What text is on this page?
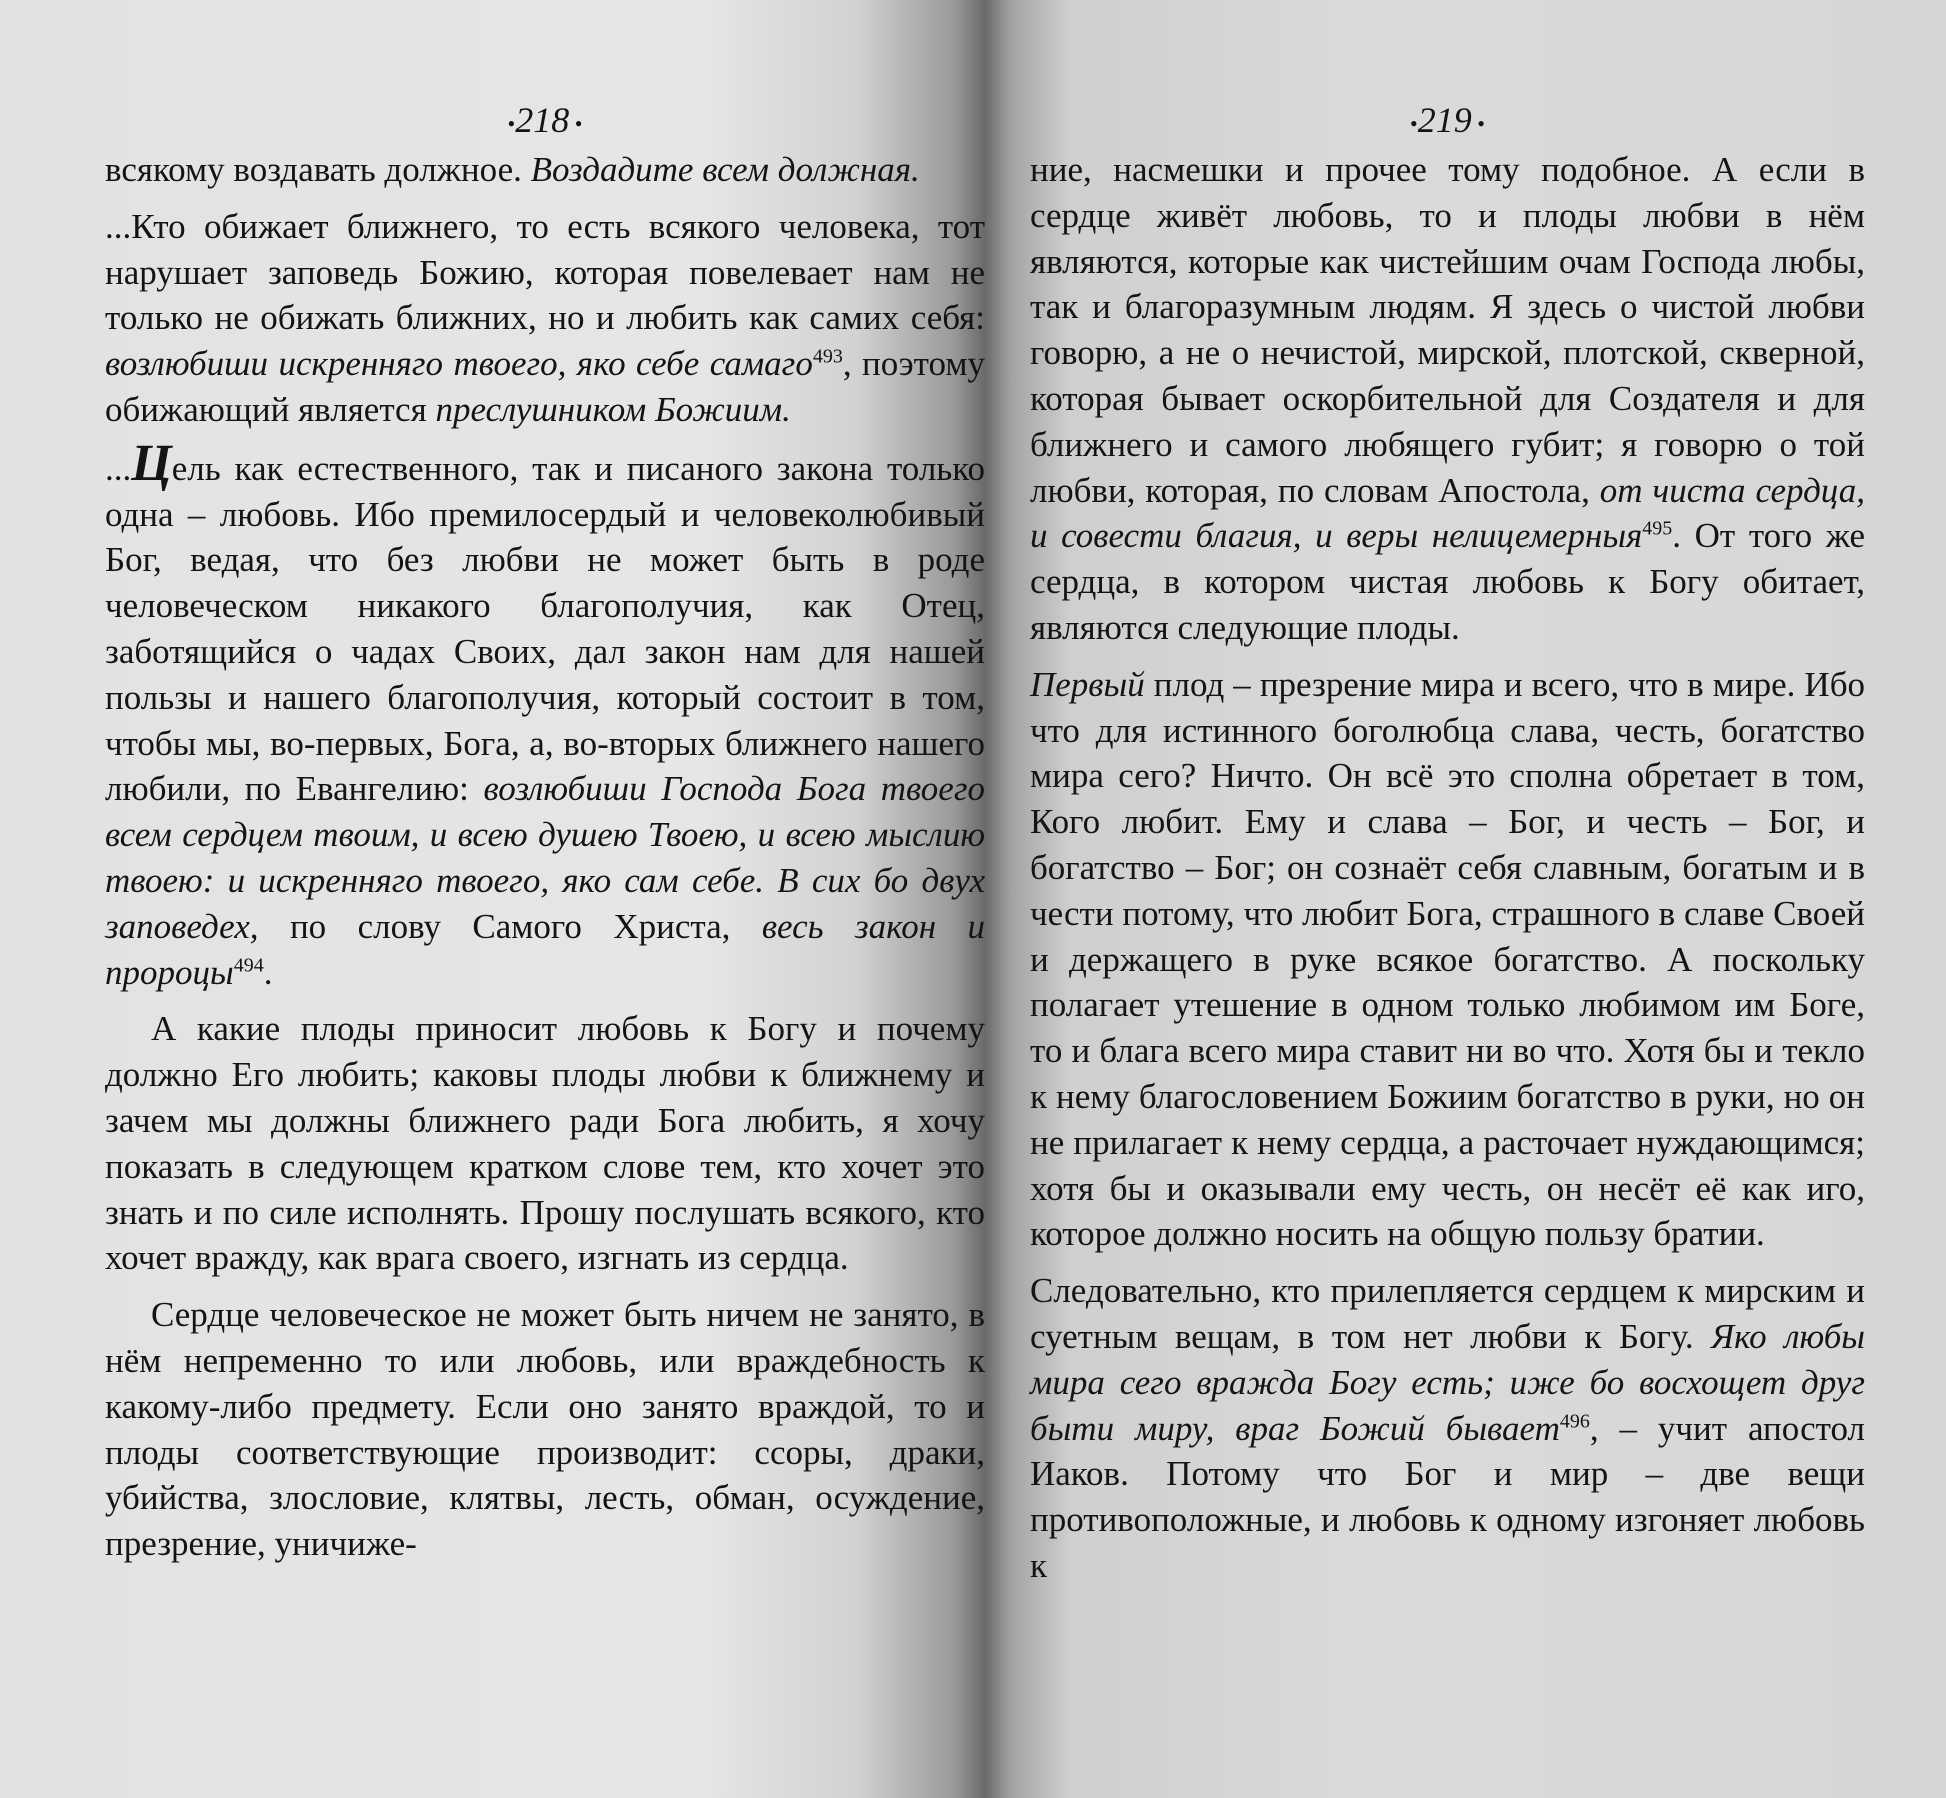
• 218 •

всякому воздавать должное. Воздадите всем должная.

...Кто обижает ближнего, то есть всякого человека, тот нарушает заповедь Божию, которая повелевает нам не только не обижать ближних, но и любить как самих себя: возлюбиши искренняго твоего, яко себе самаго$^{493}$, поэтому обижающий является преслушником Божиим.

...Цель как естественного, так и писаного закона только одна – любовь. Ибо премилосердый и человеколюбивый Бог, ведая, что без любви не может быть в роде человеческом никакого благополучия, как Отец, заботящийся о чадах Своих, дал закон нам для нашей пользы и нашего благополучия, который состоит в том, чтобы мы, во-первых, Бога, а, во-вторых ближнего нашего любили, по Евангелию: возлюбиши Господа Бога твоего всем сердцем твоим, и всею душею Твоею, и всею мыслию твоею: и искренняго твоего, яко сам себе. В сих бо двух заповедех, по слову Самого Христа, весь закон и пророцы$^{494}$.

А какие плоды приносит любовь к Богу и почему должно Его любить; каковы плоды любви к ближнему и зачем мы должны ближнего ради Бога любить, я хочу показать в следующем кратком слове тем, кто хочет это знать и по силе исполнять. Прошу послушать всякого, кто хочет вражду, как врага своего, изгнать из сердца.

Сердце человеческое не может быть ничем не занято, в нём непременно то или любовь, или враждебность к какому-либо предмету. Если оно занято враждой, то и плоды соответствующие производит: ссоры, драки, убийства, злословие, клятвы, лесть, обман, осуждение, презрение, уничиже-

• 219 •

ние, насмешки и прочее тому подобное. А если в сердце живёт любовь, то и плоды любви в нём являются, которые как чистейшим очам Господа любы, так и благоразумным людям. Я здесь о чистой любви говорю, а не о нечистой, мирской, плотской, скверной, которая бывает оскорбительной для Создателя и для ближнего и самого любящего губит; я говорю о той любви, которая, по словам Апостола, от чиста сердца, и совести благия, и веры нелицемерныя$^{495}$. От того же сердца, в котором чистая любовь к Богу обитает, являются следующие плоды.

Первый плод – презрение мира и всего, что в мире. Ибо что для истинного боголюбца слава, честь, богатство мира сего? Ничто. Он всё это сполна обретает в том, Кого любит. Ему и слава – Бог, и честь – Бог, и богатство – Бог; он сознаёт себя славным, богатым и в чести потому, что любит Бога, страшного в славе Своей и держащего в руке всякое богатство. А поскольку полагает утешение в одном только любимом им Боге, то и блага всего мира ставит ни во что. Хотя бы и текло к нему благословением Божиим богатство в руки, но он не прилагает к нему сердца, а расточает нуждающимся; хотя бы и оказывали ему честь, он несёт её как иго, которое должно носить на общую пользу братии.

Следовательно, кто прилепляется сердцем к мирским и суетным вещам, в том нет любви к Богу. Яко любы мира сего вражда Богу есть; иже бо восхощет друг быти миру, враг Божий бывает$^{496}$, – учит апостол Иаков. Потому что Бог и мир – две вещи противоположные, и любовь к одному изгоняет любовь к
